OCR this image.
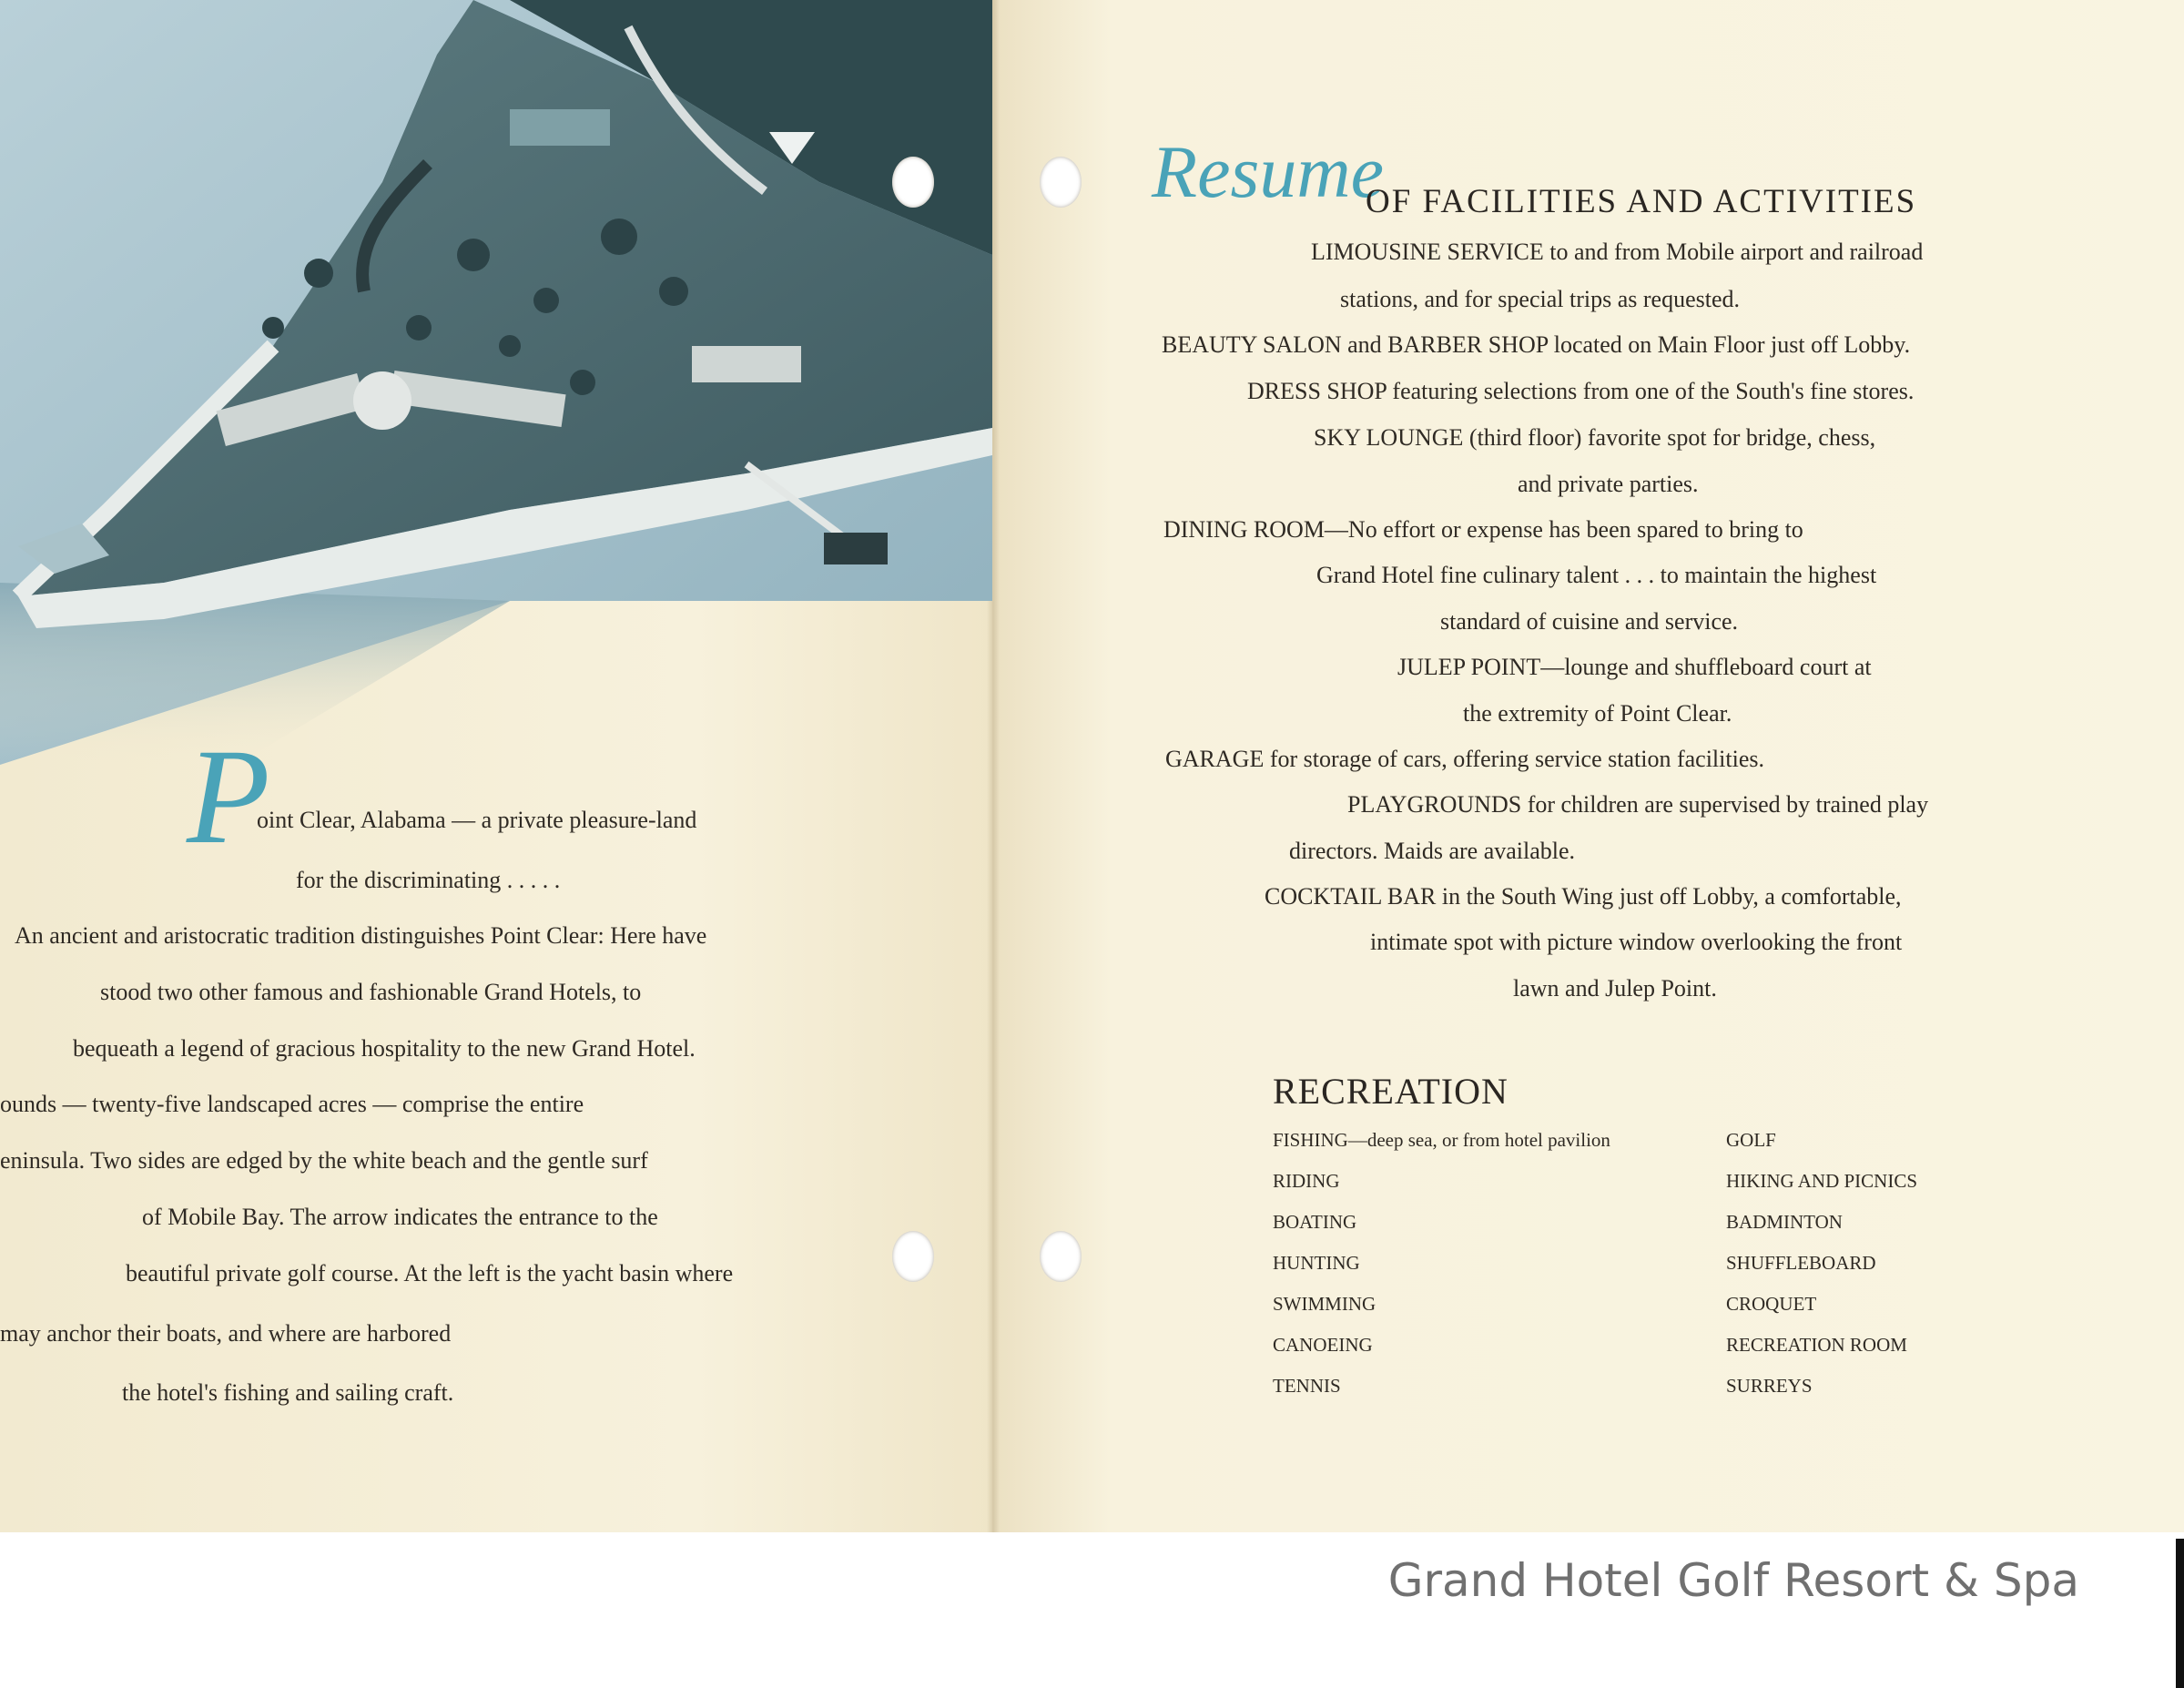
P
oint Clear, Alabama — a private pleasure-land
for the discriminating . . . . .
An ancient and aristocratic tradition distinguishes Point Clear: Here have
stood two other famous and fashionable Grand Hotels, to
bequeath a legend of gracious hospitality to the new Grand Hotel.
ounds — twenty-five landscaped acres — comprise the entire
eninsula. Two sides are edged by the white beach and the gentle surf
of Mobile Bay. The arrow indicates the entrance to the
beautiful private golf course. At the left is the yacht basin where
may anchor their boats, and where are harbored
the hotel's fishing and sailing craft.
Resume
OF FACILITIES AND ACTIVITIES
LIMOUSINE SERVICE to and from Mobile airport and railroad
stations, and for special trips as requested.
BEAUTY SALON and BARBER SHOP located on Main Floor just off Lobby.
DRESS SHOP featuring selections from one of the South's fine stores.
SKY LOUNGE (third floor) favorite spot for bridge, chess,
and private parties.
DINING ROOM—No effort or expense has been spared to bring to
Grand Hotel fine culinary talent . . . to maintain the highest
standard of cuisine and service.
JULEP POINT—lounge and shuffleboard court at
the extremity of Point Clear.
GARAGE for storage of cars, offering service station facilities.
PLAYGROUNDS for children are supervised by trained play
directors. Maids are available.
COCKTAIL BAR in the South Wing just off Lobby, a comfortable,
intimate spot with picture window overlooking the front
lawn and Julep Point.
RECREATION
FISHING—deep sea, or from hotel pavilion
RIDING
BOATING
HUNTING
SWIMMING
CANOEING
TENNIS
GOLF
HIKING AND PICNICS
BADMINTON
SHUFFLEBOARD
CROQUET
RECREATION ROOM
SURREYS
Grand Hotel Golf Resort & Spa
